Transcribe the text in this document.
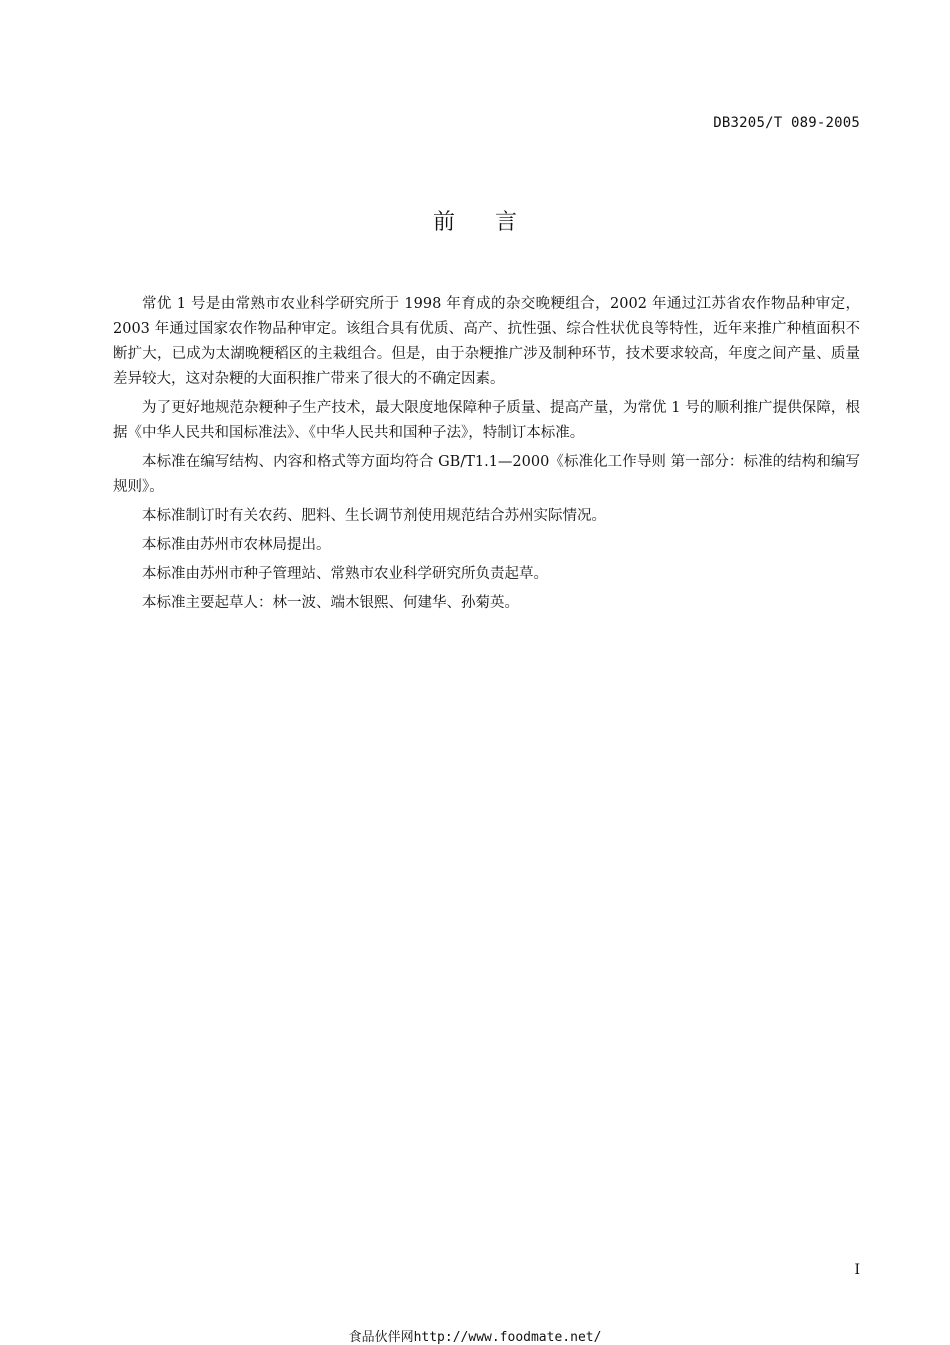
DB3205/T 089-2005
前言

常优 1 号是由常熟市农业科学研究所于 1998 年育成的杂交晚粳组合，2002 年通过江苏省农作物品种审定，2003 年通过国家农作物品种审定。该组合具有优质、高产、抗性强、综合性状优良等特性，近年来推广种植面积不断扩大，已成为太湖晚粳稻区的主栽组合。但是，由于杂粳推广涉及制种环节，技术要求较高，年度之间产量、质量差异较大，这对杂粳的大面积推广带来了很大的不确定因素。

为了更好地规范杂粳种子生产技术，最大限度地保障种子质量、提高产量，为常优 1 号的顺利推广提供保障，根据《中华人民共和国标准法》、《中华人民共和国种子法》，特制订本标准。

本标准在编写结构、内容和格式等方面均符合 GB/T1.1—2000《标准化工作导则 第一部分：标准的结构和编写规则》。

本标准制订时有关农药、肥料、生长调节剂使用规范结合苏州实际情况。

本标准由苏州市农林局提出。

本标准由苏州市种子管理站、常熟市农业科学研究所负责起草。

本标准主要起草人：林一波、端木银熙、何建华、孙菊英。

I
食品伙伴网http://www.foodmate.net/
